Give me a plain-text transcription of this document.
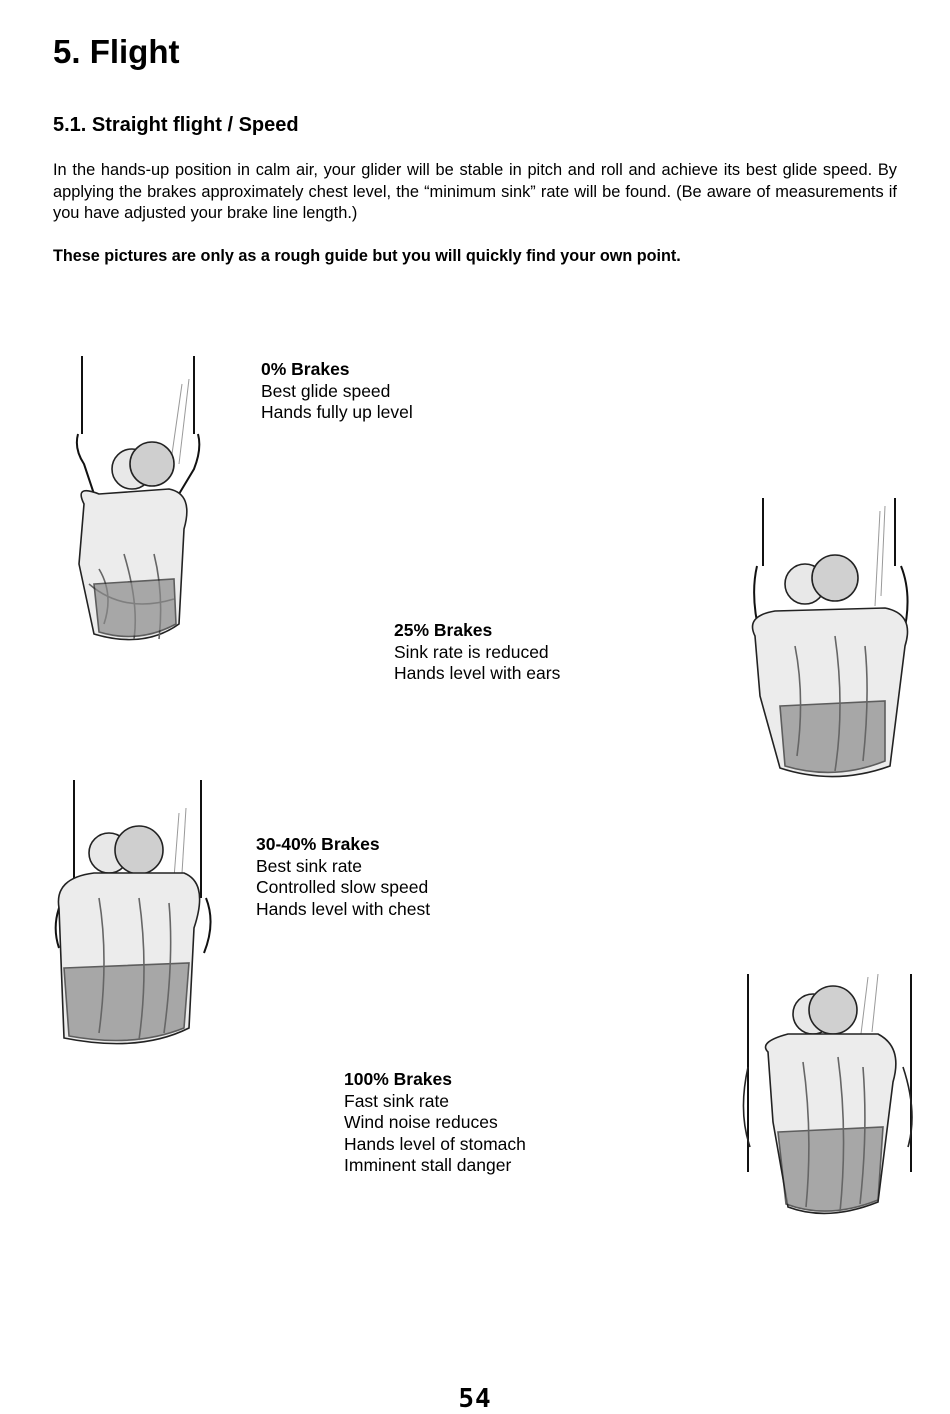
5. Flight
5.1. Straight flight / Speed

In the hands-up position in calm air, your glider will be stable in pitch and roll and achieve its best glide speed. By applying the brakes approximately chest level, the “minimum sink” rate will be found. (Be aware of measurements if you have adjusted your brake line length.)

These pictures are only as a rough guide but you will quickly find your own point.

0% Brakes
Best glide speed
Hands fully up level
25% Brakes
Sink rate is reduced
Hands level with ears
30-40% Brakes
Best sink rate
Controlled slow speed
Hands level with chest
100% Brakes
Fast sink rate
Wind noise reduces
Hands level of stomach
Imminent stall danger
54
